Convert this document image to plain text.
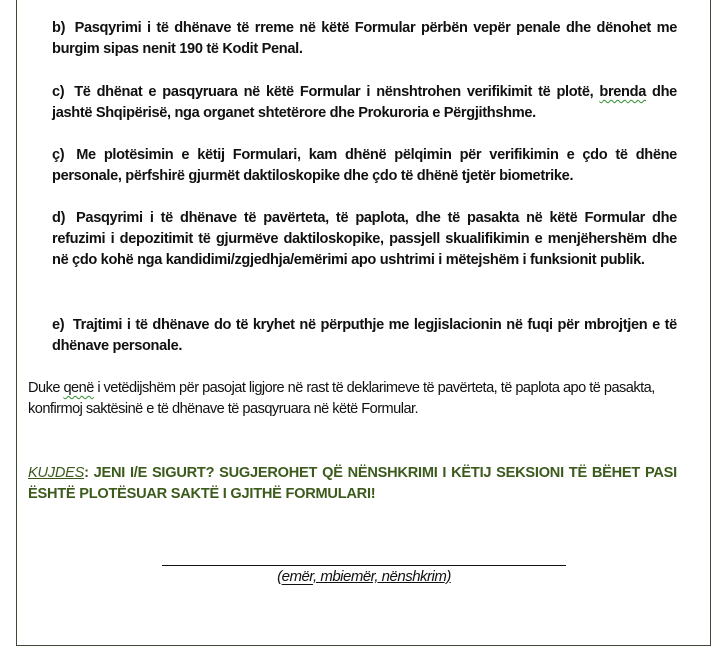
b) Pasqyrimi i të dhënave të rreme në këtë Formular përbën vepër penale dhe dënohet me burgim sipas nenit 190 të Kodit Penal.
c) Të dhënat e pasqyruara në këtë Formular i nënshtrohen verifikimit të plotë, brenda dhe jashtë Shqipërisë, nga organet shtetërore dhe Prokuroria e Përgjithshme.
ç) Me plotësimin e këtij Formulari, kam dhënë pëlqimin për verifikimin e çdo të dhëne personale, përfshirë gjurmët daktiloskopike dhe çdo të dhënë tjetër biometrike.
d) Pasqyrimi i të dhënave të pavërteta, të paplota, dhe të pasakta në këtë Formular dhe refuzimi i depozitimit të gjurmëve daktiloskopike, passjell skualifikimin e menjëhershëm dhe në çdo kohë nga kandidimi/zgjedhja/emërimi apo ushtrimi i mëtejshëm i funksionit publik.
e) Trajtimi i të dhënave do të kryhet në përputhje me legjislacionin në fuqi për mbrojtjen e të dhënave personale.
Duke qenë i vetëdijshëm për pasojat ligjore në rast të deklarimeve të pavërteta, të paplota apo të pasakta, konfirmoj saktësinë e të dhënave të pasqyruara në këtë Formular.
KUJDES: JENI I/E SIGURT? SUGJEROHET QË NËNSHKRIMI I KËTIJ SEKSIONI TË BËHET PASI ËSHTË PLOTËSUAR SAKTË I GJITHË FORMULARI!
(emër, mbiemër, nënshkrim)
